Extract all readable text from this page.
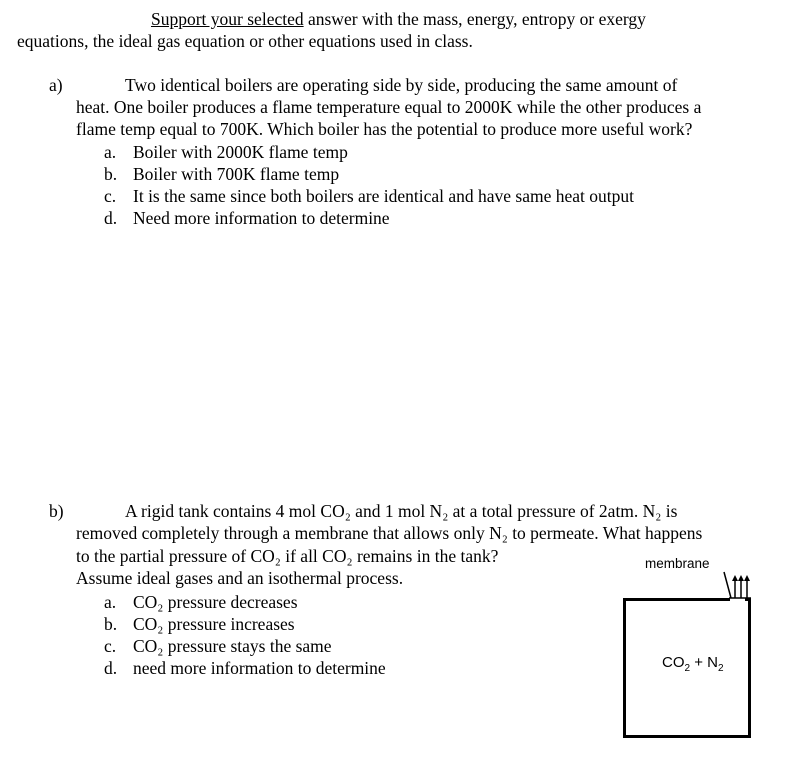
Support your selected answer with the mass, energy, entropy or exergy
equations, the ideal gas equation or other equations used in class.
a)	Two identical boilers are operating side by side, producing the same amount of
heat. One boiler produces a flame temperature equal to 2000K while the other produces a
flame temp equal to 700K. Which boiler has the potential to produce more useful work?
a. Boiler with 2000K flame temp
b. Boiler with 700K flame temp
c. It is the same since both boilers are identical and have same heat output
d. Need more information to determine
b)	A rigid tank contains 4 mol CO₂ and 1 mol N₂ at a total pressure of 2atm. N₂ is
removed completely through a membrane that allows only N₂ to permeate. What happens
to the partial pressure of CO₂ if all CO₂ remains in the tank?
Assume ideal gases and an isothermal process.
a. CO₂ pressure decreases
b. CO₂ pressure increases
c. CO₂ pressure stays the same
d. need more information to determine
membrane
$CO_2 + N_2$
